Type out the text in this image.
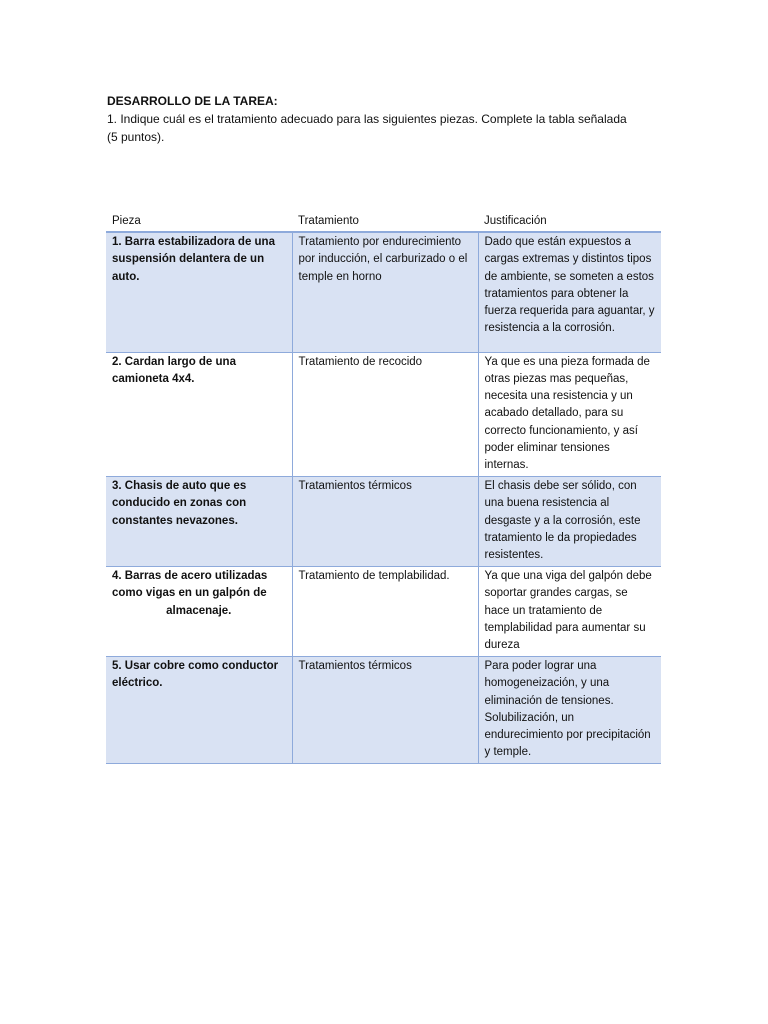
DESARROLLO DE LA TAREA:

1. Indique cuál es el tratamiento adecuado para las siguientes piezas. Complete la tabla señalada (5 puntos).

Pieza	Tratamiento	Justificación
1. Barra estabilizadora de una suspensión delantera de un auto.	Tratamiento por endurecimiento por inducción, el carburizado o el temple en horno	Dado que están expuestos a cargas extremas y distintos tipos de ambiente, se someten a estos tratamientos para obtener la fuerza requerida para aguantar, y resistencia a la corrosión.
2. Cardan largo de una camioneta 4x4.	Tratamiento de recocido	Ya que es una pieza formada de otras piezas mas pequeñas, necesita una resistencia y un acabado detallado, para su correcto funcionamiento, y así poder eliminar tensiones internas.
3. Chasis de auto que es conducido en zonas con constantes nevazones.	Tratamientos térmicos	El chasis debe ser sólido, con una buena resistencia al desgaste y a la corrosión, este tratamiento le da propiedades resistentes.

4. Barras de acero utilizadas como vigas en un galpón de
almacenaje.	Tratamiento de templabilidad.	Ya que una viga del galpón debe soportar grandes cargas, se hace un tratamiento de templabilidad para aumentar su dureza
5. Usar cobre como conductor eléctrico.	Tratamientos térmicos	Para poder lograr una homogeneización, y una eliminación de tensiones. Solubilización, un endurecimiento por precipitación y temple.
